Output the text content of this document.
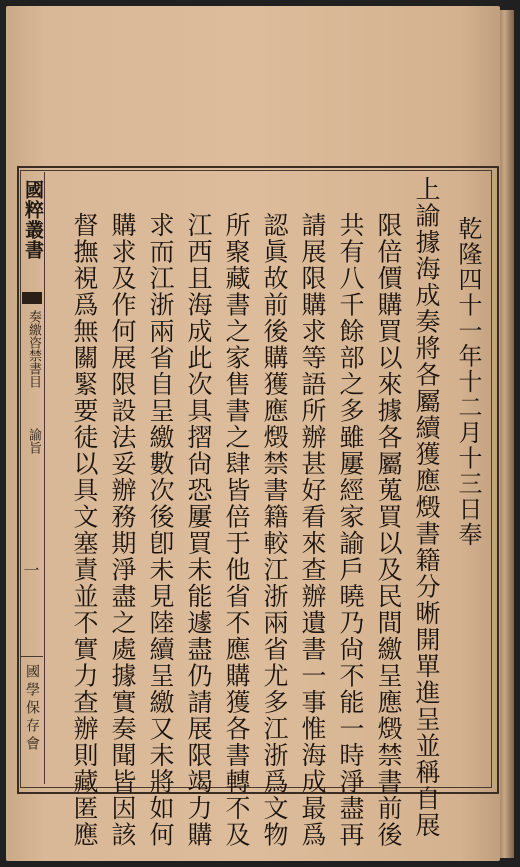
國粹叢書
奏繳咨禁書目
諭旨
一
國學保存會
乾隆四十一年十二月十三日奉
上諭據海成奏將各屬續獲應燬書籍分晰開單進呈並稱自展
限倍價購買以來據各屬蒐買以及民間繳呈應燬禁書前後
共有八千餘部之多雖屢經家諭戶曉乃尙不能一時淨盡再
請展限購求等語所辦甚好看來查辦遺書一事惟海成最爲
認眞故前後購獲應燬禁書籍較江浙兩省尤多江浙爲文物
所聚藏書之家售書之肆皆倍于他省不應購獲各書轉不及
江西且海成此次具摺尙恐屢買未能遽盡仍請展限竭力購
求而江浙兩省自呈繳數次後卽未見陸續呈繳又未將如何
購求及作何展限設法妥辦務期淨盡之處據實奏聞皆因該
督撫視爲無關緊要徒以具文塞責並不實力查辦則藏匿應
